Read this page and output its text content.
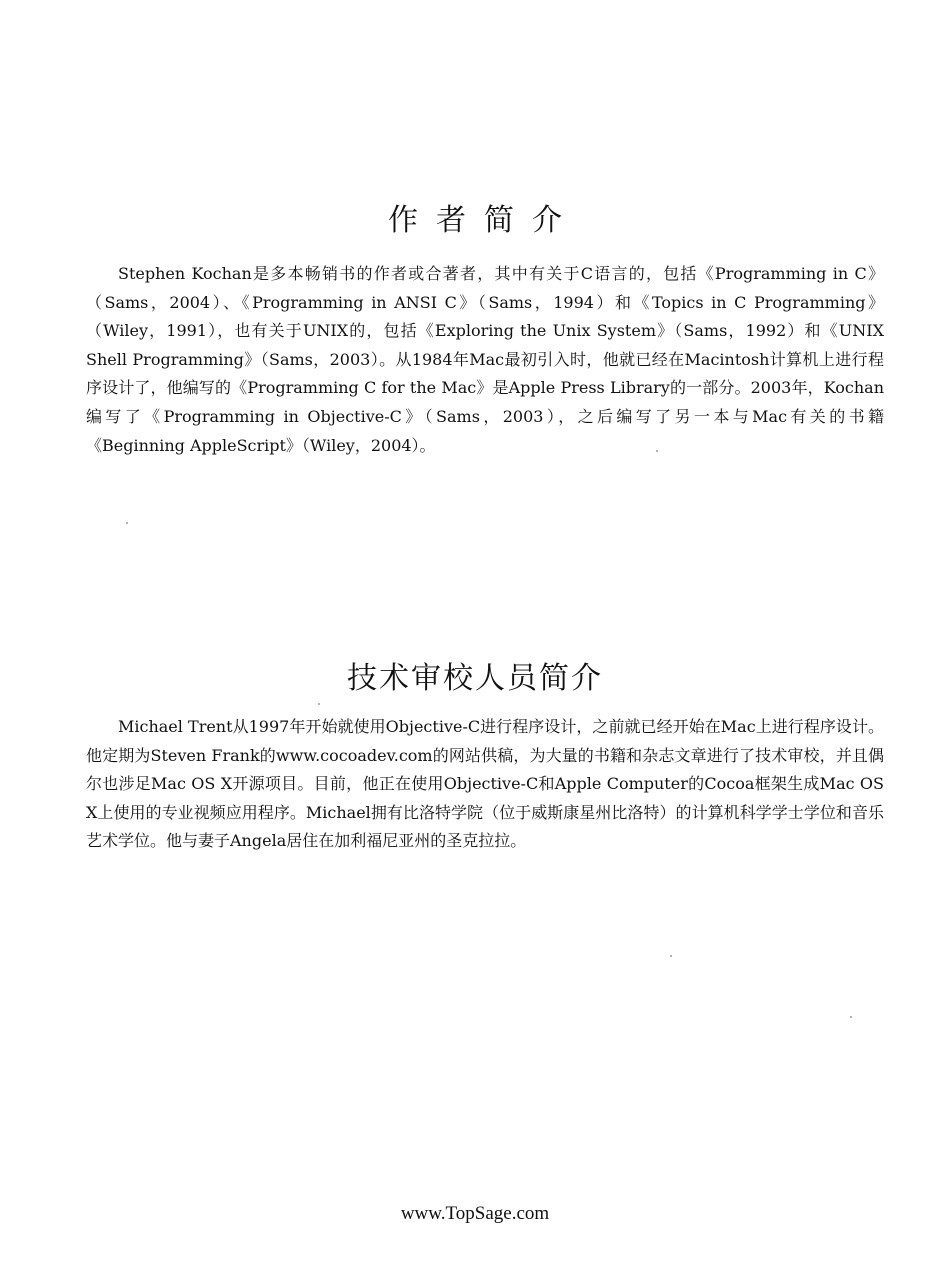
作者简介

Stephen Kochan是多本畅销书的作者或合著者，其中有关于C语言的，包括《Programming in C》（Sams，2004）、《Programming in ANSI C》（Sams，1994）和《Topics in C Programming》（Wiley，1991），也有关于UNIX的，包括《Exploring the Unix System》（Sams，1992）和《UNIX Shell Programming》（Sams，2003）。从1984年Mac最初引入时，他就已经在Macintosh计算机上进行程序设计了，他编写的《Programming C for the Mac》是Apple Press Library的一部分。2003年，Kochan编写了《Programming in Objective-C》（Sams，2003），之后编写了另一本与Mac有关的书籍《Beginning AppleScript》（Wiley，2004）。

技术审校人员简介

Michael Trent从1997年开始就使用Objective-C进行程序设计，之前就已经开始在Mac上进行程序设计。他定期为Steven Frank的www.cocoadev.com的网站供稿，为大量的书籍和杂志文章进行了技术审校，并且偶尔也涉足Mac OS X开源项目。目前，他正在使用Objective-C和Apple Computer的Cocoa框架生成Mac OS X上使用的专业视频应用程序。Michael拥有比洛特学院（位于威斯康星州比洛特）的计算机科学学士学位和音乐艺术学位。他与妻子Angela居住在加利福尼亚州的圣克拉拉。

www.TopSage.com
